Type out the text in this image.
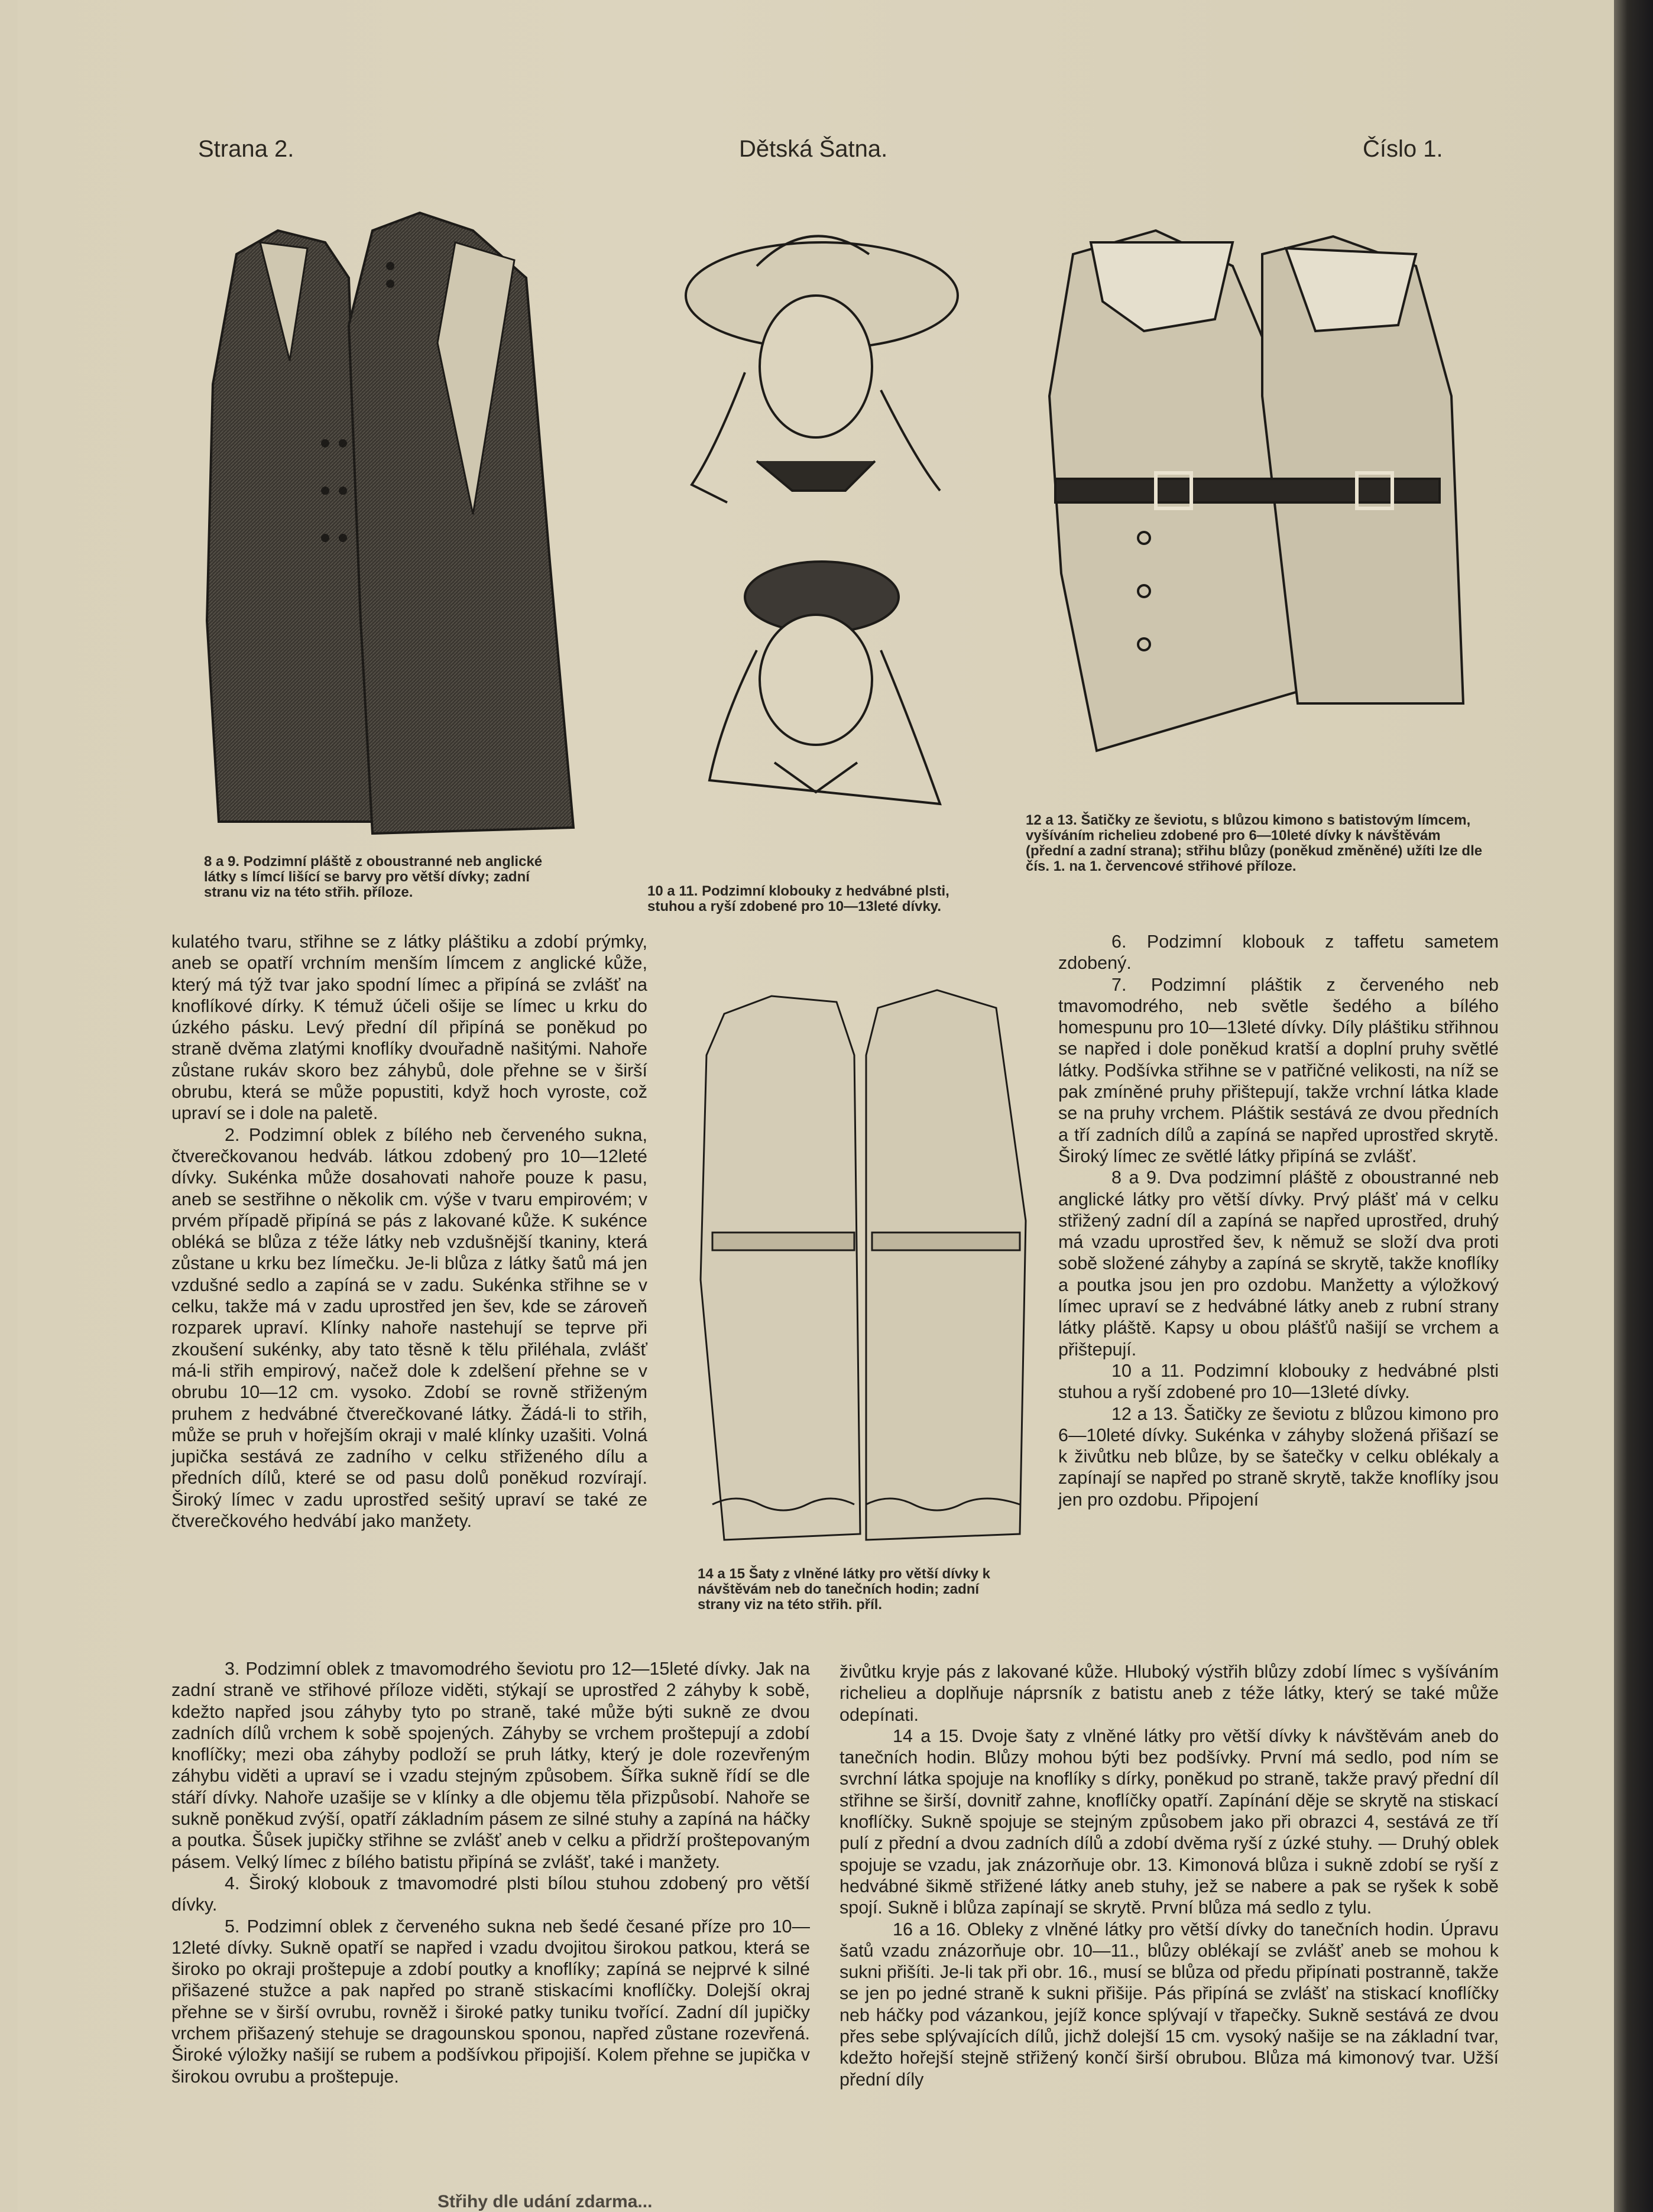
Strana 2.	Dětská Šatna.	Číslo 1.
8 a 9. Podzimní pláště z oboustranné neb anglické látky s límcí lišící se barvy pro větší dívky; zadní stranu viz na této střih. příloze.	10 a 11. Podzimní klobouky z hedvábné plsti, stuhou a ryší zdobené pro 10—13leté dívky.
12 a 13. Šatičky ze ševiotu, s blůzou kimono s batistovým límcem, vyšíváním richelieu zdobené pro 6—10leté dívky k návštěvám (přední a zadní strana); střihu blůzy (poněkud změněné) užíti lze dle čís. 1. na 1. červencové střihové příloze.
14 a 15 Šaty z vlněné látky pro větší dívky k návštěvám neb do tanečních hodin; zadní strany viz na této střih. příl.

kulatého tvaru, střihne se z látky pláštiku a zdobí prýmky, aneb se opatří vrchním menším límcem z anglické kůže, který má týž tvar jako spodní límec a připíná se zvlášť na knoflíkové dírky. K témuž účeli ošije se límec u krku do úzkého pásku. Levý přední díl připíná se poněkud po straně dvěma zlatými knoflíky dvouřadně našitými. Nahoře zůstane rukáv skoro bez záhybů, dole přehne se v širší obrubu, která se může popustiti, když hoch vyroste, což upraví se i dole na paletě.

2. Podzimní oblek z bílého neb červeného sukna, čtverečkovanou hedváb. látkou zdobený pro 10—12leté dívky. Sukénka může dosahovati nahoře pouze k pasu, aneb se sestřihne o několik cm. výše v tvaru empirovém; v prvém případě připíná se pás z lakované kůže. K sukénce obléká se blůza z téže látky neb vzdušnější tkaniny, která zůstane u krku bez límečku. Je-li blůza z látky šatů má jen vzdušné sedlo a zapíná se v zadu. Sukénka střihne se v celku, takže má v zadu uprostřed jen šev, kde se zároveň rozparek upraví. Klínky nahoře nastehují se teprve při zkoušení sukénky, aby tato těsně k tělu přiléhala, zvlášť má-li střih empirový, načež dole k zdelšení přehne se v obrubu 10—12 cm. vysoko. Zdobí se rovně střiženým pruhem z hedvábné čtverečkované látky. Žádá-li to střih, může se pruh v hořejším okraji v malé klínky uzašiti. Volná jupička sestává ze zadního v celku střiženého dílu a předních dílů, které se od pasu dolů poněkud rozvírají. Široký límec v zadu uprostřed sešitý upraví se také ze čtverečkového hedvábí jako manžety.

3. Podzimní oblek z tmavomodrého ševiotu pro 12—15leté dívky. Jak na zadní straně ve střihové příloze viděti, stýkají se uprostřed 2 záhyby k sobě, kdežto napřed jsou záhyby tyto po straně, také může býti sukně ze dvou zadních dílů vrchem k sobě spojených. Záhyby se vrchem proštepují a zdobí knoflíčky; mezi oba záhyby podloží se pruh látky, který je dole rozevřeným záhybu viděti a upraví se i vzadu stejným způsobem. Šířka sukně řídí se dle stáří dívky. Nahoře uzašije se v klínky a dle objemu těla přizpůsobí. Nahoře se sukně poněkud zvýší, opatří základním pásem ze silné stuhy a zapíná na háčky a poutka. Šůsek jupičky střihne se zvlášť aneb v celku a přidrží proštepovaným pásem. Velký límec z bílého batistu připíná se zvlášť, také i manžety.

4. Široký klobouk z tmavomodré plsti bílou stuhou zdobený pro větší dívky.

5. Podzimní oblek z červeného sukna neb šedé česané příze pro 10—12leté dívky. Sukně opatří se napřed i vzadu dvojitou širokou patkou, která se široko po okraji proštepuje a zdobí poutky a knoflíky; zapíná se nejprvé k silné přišazené stužce a pak napřed po straně stiskacími knoflíčky. Dolejší okraj přehne se v širší ovrubu, rovněž i široké patky tuniku tvořící. Zadní díl jupičky vrchem přišazený stehuje se dragounskou sponou, napřed zůstane rozevřená. Široké výložky našijí se rubem a podšívkou připojiší. Kolem přehne se jupička v širokou ovrubu a proštepuje.

6. Podzimní klobouk z taffetu sametem zdobený.

7. Podzimní pláštik z červeného neb tmavomodrého, neb světle šedého a bílého homespunu pro 10—13leté dívky. Díly pláštiku střihnou se napřed i dole poněkud kratší a doplní pruhy světlé látky. Podšívka střihne se v patřičné velikosti, na níž se pak zmíněné pruhy přištepují, takže vrchní látka klade se na pruhy vrchem. Pláštik sestává ze dvou předních a tří zadních dílů a zapíná se napřed uprostřed skrytě. Široký límec ze světlé látky připíná se zvlášť.

8 a 9. Dva podzimní pláště z oboustranné neb anglické látky pro větší dívky. Prvý plášť má v celku střižený zadní díl a zapíná se napřed uprostřed, druhý má vzadu uprostřed šev, k němuž se složí dva proti sobě složené záhyby a zapíná se skrytě, takže knoflíky a poutka jsou jen pro ozdobu. Manžetty a výložkový límec upraví se z hedvábné látky aneb z rubní strany látky pláště. Kapsy u obou plášťů našijí se vrchem a přištepují.

10 a 11. Podzimní klobouky z hedvábné plsti stuhou a ryší zdobené pro 10—13leté dívky.

12 a 13. Šatičky ze ševiotu z blůzou kimono pro 6—10leté dívky. Sukénka v záhyby složená přišazí se k živůtku neb blůze, by se šatečky v celku oblékaly a zapínají se napřed po straně skrytě, takže knoflíky jsou jen pro ozdobu. Připojení

živůtku kryje pás z lakované kůže. Hluboký výstřih blůzy zdobí límec s vyšíváním richelieu a doplňuje náprsník z batistu aneb z téže látky, který se také může odepínati.

14 a 15. Dvoje šaty z vlněné látky pro větší dívky k návštěvám aneb do tanečních hodin. Blůzy mohou býti bez podšívky. První má sedlo, pod ním se svrchní látka spojuje na knoflíky s dírky, poněkud po straně, takže pravý přední díl střihne se širší, dovnitř zahne, knoflíčky opatří. Zapínání děje se skrytě na stiskací knoflíčky. Sukně spojuje se stejným způsobem jako při obrazci 4, sestává ze tří pulí z přední a dvou zadních dílů a zdobí dvěma ryší z úzké stuhy. — Druhý oblek spojuje se vzadu, jak znázorňuje obr. 13. Kimonová blůza i sukně zdobí se ryší z hedvábné šikmě střižené látky aneb stuhy, jež se nabere a pak se ryšek k sobě spojí. Sukně i blůza zapínají se skrytě. První blůza má sedlo z tylu.

16 a 16. Obleky z vlněné látky pro větší dívky do tanečních hodin. Úpravu šatů vzadu znázorňuje obr. 10—11., blůzy oblékají se zvlášť aneb se mohou k sukni přišíti. Je-li tak při obr. 16., musí se blůza od předu připínati postranně, takže se jen po jedné straně k sukni přišije. Pás připíná se zvlášť na stiskací knoflíčky neb háčky pod vázankou, jejíž konce splývají v třapečky. Sukně sestává ze dvou přes sebe splývajících dílů, jichž dolejší 15 cm. vysoký našije se na základní tvar, kdežto hořejší stejně střižený končí širší obrubou. Blůza má kimonový tvar. Užší přední díly

Střihy dle udání zdarma...
